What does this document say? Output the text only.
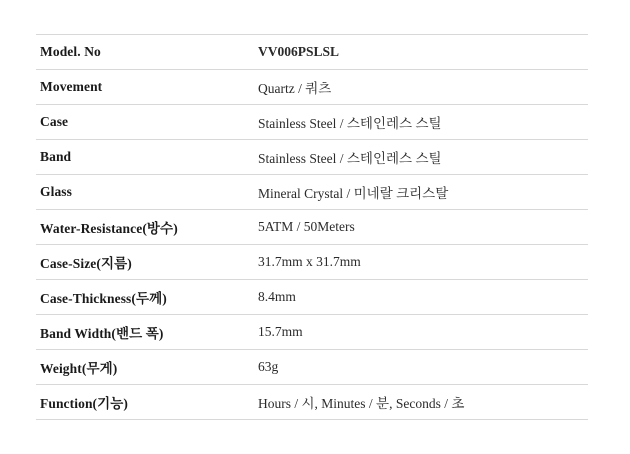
Model. No	VV006PSLSL
Movement	Quartz / 쿼츠
Case	Stainless Steel / 스테인레스 스틸
Band	Stainless Steel / 스테인레스 스틸
Glass	Mineral Crystal / 미네랄 크리스탈
Water-Resistance(방수)	5ATM / 50Meters
Case-Size(지름)	31.7mm x 31.7mm
Case-Thickness(두께)	8.4mm
Band Width(밴드 폭)	15.7mm
Weight(무게)	63g
Function(기능)	Hours / 시, Minutes / 분, Seconds / 초
